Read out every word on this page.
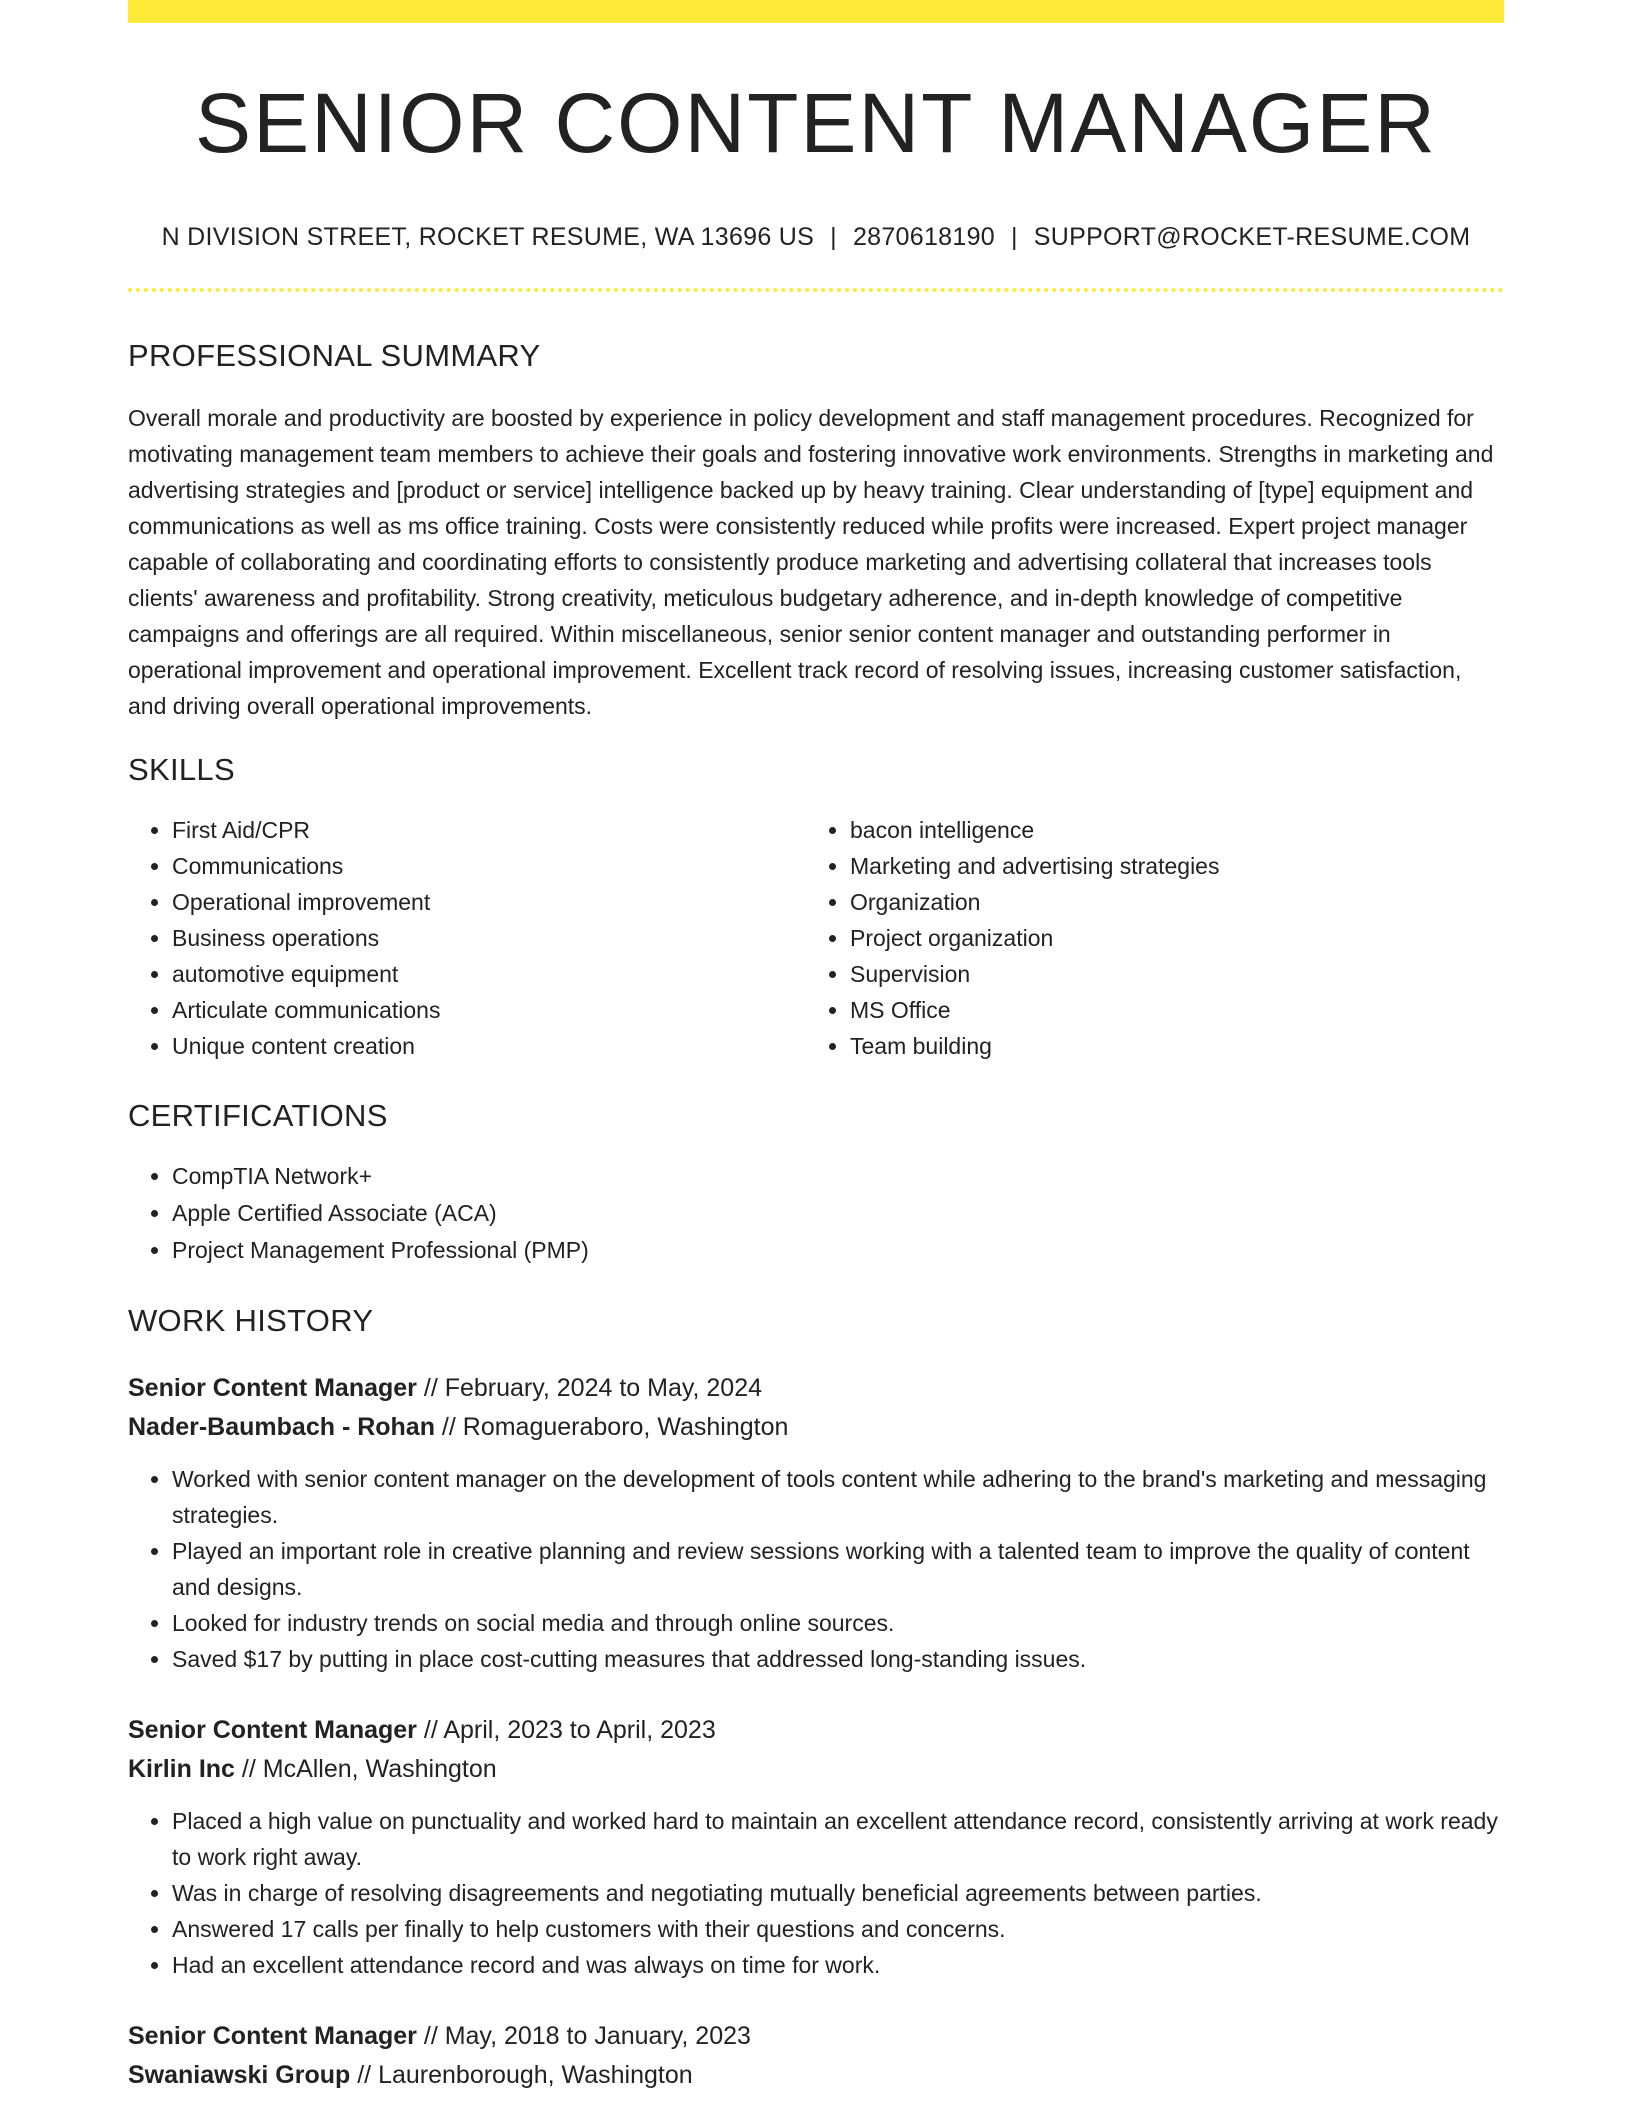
SENIOR CONTENT MANAGER
N DIVISION STREET, ROCKET RESUME, WA 13696 US | 2870618190 | SUPPORT@ROCKET-RESUME.COM
PROFESSIONAL SUMMARY

Overall morale and productivity are boosted by experience in policy development and staff management procedures. Recognized for motivating management team members to achieve their goals and fostering innovative work environments. Strengths in marketing and advertising strategies and [product or service] intelligence backed up by heavy training. Clear understanding of [type] equipment and communications as well as ms office training. Costs were consistently reduced while profits were increased. Expert project manager capable of collaborating and coordinating efforts to consistently produce marketing and advertising collateral that increases tools clients' awareness and profitability. Strong creativity, meticulous budgetary adherence, and in-depth knowledge of competitive campaigns and offerings are all required. Within miscellaneous, senior senior content manager and outstanding performer in operational improvement and operational improvement. Excellent track record of resolving issues, increasing customer satisfaction, and driving overall operational improvements.

SKILLS
• First Aid/CPR
• Communications
• Operational improvement
• Business operations
• automotive equipment
• Articulate communications
• Unique content creation
• bacon intelligence
• Marketing and advertising strategies
• Organization
• Project organization
• Supervision
• MS Office
• Team building
CERTIFICATIONS
• CompTIA Network+
• Apple Certified Associate (ACA)
• Project Management Professional (PMP)
WORK HISTORY
Senior Content Manager // February, 2024 to May, 2024
Nader-Baumbach - Rohan // Romagueraboro, Washington
• Worked with senior content manager on the development of tools content while adhering to the brand's marketing and messaging strategies.
• Played an important role in creative planning and review sessions working with a talented team to improve the quality of content and designs.
• Looked for industry trends on social media and through online sources.
• Saved $17 by putting in place cost-cutting measures that addressed long-standing issues.
Senior Content Manager // April, 2023 to April, 2023
Kirlin Inc // McAllen, Washington
• Placed a high value on punctuality and worked hard to maintain an excellent attendance record, consistently arriving at work ready to work right away.
• Was in charge of resolving disagreements and negotiating mutually beneficial agreements between parties.
• Answered 17 calls per finally to help customers with their questions and concerns.
• Had an excellent attendance record and was always on time for work.
Senior Content Manager // May, 2018 to January, 2023
Swaniawski Group // Laurenborough, Washington
